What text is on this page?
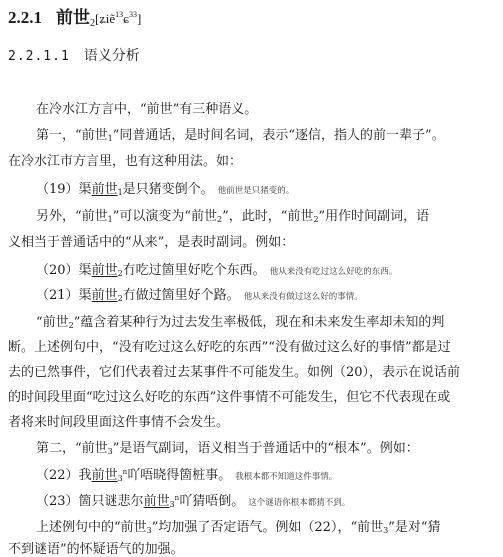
2.2.1 前世$_2$[ʑiẽ$^{13}$ɕ$^{33}$]
2.2.1.1 语义分析
在冷水江方言中，“前世”有三种语义。
第一，“前世1”同普通话，是时间名词，表示“逐信，指人的前一辈子”。
在冷水江市方言里，也有这种用法。如：
（19）渠前世1是只猪变倒个。 他前世是只猪变的。
另外，“前世1”可以演变为“前世2”，此时，“前世2”用作时间副词，语
义相当于普通话中的“从来”，是表时副词。例如：
（20）渠前世2冇吃过箇里好吃个东西。 他从来没有吃过这么好吃的东西。
（21）渠前世2冇做过箇里好个路。 他从来没有做过这么好的事情。
“前世2”蕴含着某种行为过去发生率极低，现在和未来发生率却未知的判
断。上述例句中，“没有吃过这么好吃的东西”“没有做过这么好的事情”都是过
去的已然事件，它们代表着过去某事件不可能发生。如例（20），表示在说话前
的时间段里面“吃过这么好吃的东西”这件事情不可能发生，但它不代表现在或
者将来时间段里面这件事情不会发生。
第二，“前世3”是语气副词，语义相当于普通话中的“根本”。例如：
（22）我前世3$^n$吖唔晓得箇桩事。 我根本都不知道这件事情。
（23）箇只谜悲尔前世3$^n$吖猜唔倒。 这个谜语你根本都猜不到。
上述例句中的“前世3”均加强了否定语气。例如（22），“前世3”是对“猜
不到谜语”的怀疑语气的加强。
